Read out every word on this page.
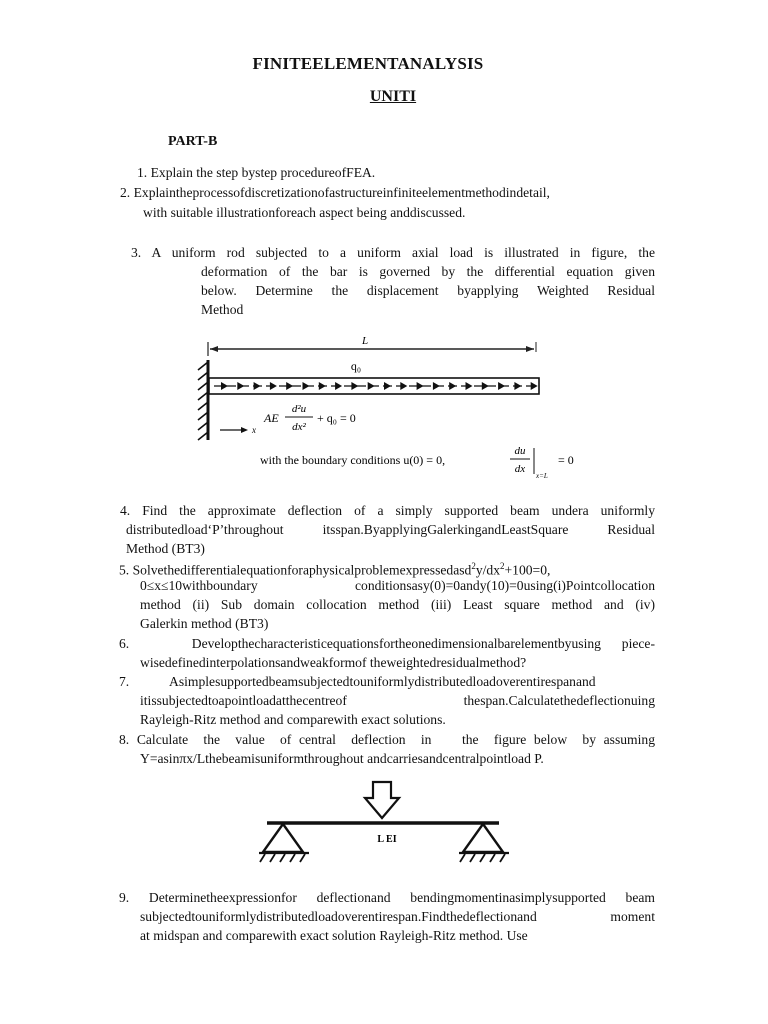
FINITEELEMENTANALYSIS
UNITI
PART-B
1. Explain the step bystep procedureofFEA.
2. Explaintheprocessofdiscretizationofastructureinfiniteelementmethodindetail,
with suitable illustrationforeach aspect being anddiscussed.
3. A uniform rod subjected to a uniform axial load is illustrated in figure, the
deformation of the bar is governed by the differential equation given
below. Determine the displacement byapplying Weighted Residual
Method
L
q₀
x
AE
d²u
dx²
+ q₀ = 0
with the boundary conditions u(0) = 0,
du
dx
x=L
= 0
4. Find the approximate deflection of a simply supported beam undera uniformly
distributedload‘P’throughout itsspan.ByapplyingGalerkingandLeastSquare Residual
Method (BT3)
5. $Solvethedifferentialequationforaphysicalproblemexpressedasd^2y/dx^2+100=0$,
0≤x≤10withboundary         conditionsasy(0)=0andy(10)=0using(i)Pointcollocation
method (ii) Sub domain collocation method (iii) Least square method and (iv)
Galerkin method (BT3)
6.   Developthecharacteristicequationsfortheonedimensionalbarelementbyusing piece-
wisedefinedinterpolationsandweakformof theweightedresidualmethod?
7.	Asimplesupportedbeamsubjectedtouniformlydistributedloadoverentirespanand
itissubjectedtoapointloadatthecentreof               thespan.Calculatethedeflectionuing
Rayleigh-Ritz method and comparewith exact solutions.
8. Calculate  the  value  of central  deflection  in    the  figure below  by assuming
Y=asinπx/Lthebeamisuniformthroughout andcarriesandcentralpointload P.
L EI
9. Determinetheexpressionfor deflectionand bendingmomentinasimplysupported beam
subjectedtouniformlydistributedloadoverentirespan.Findthedeflectionand   moment
at midspan and comparewith exact solution Rayleigh-Ritz method. Use
